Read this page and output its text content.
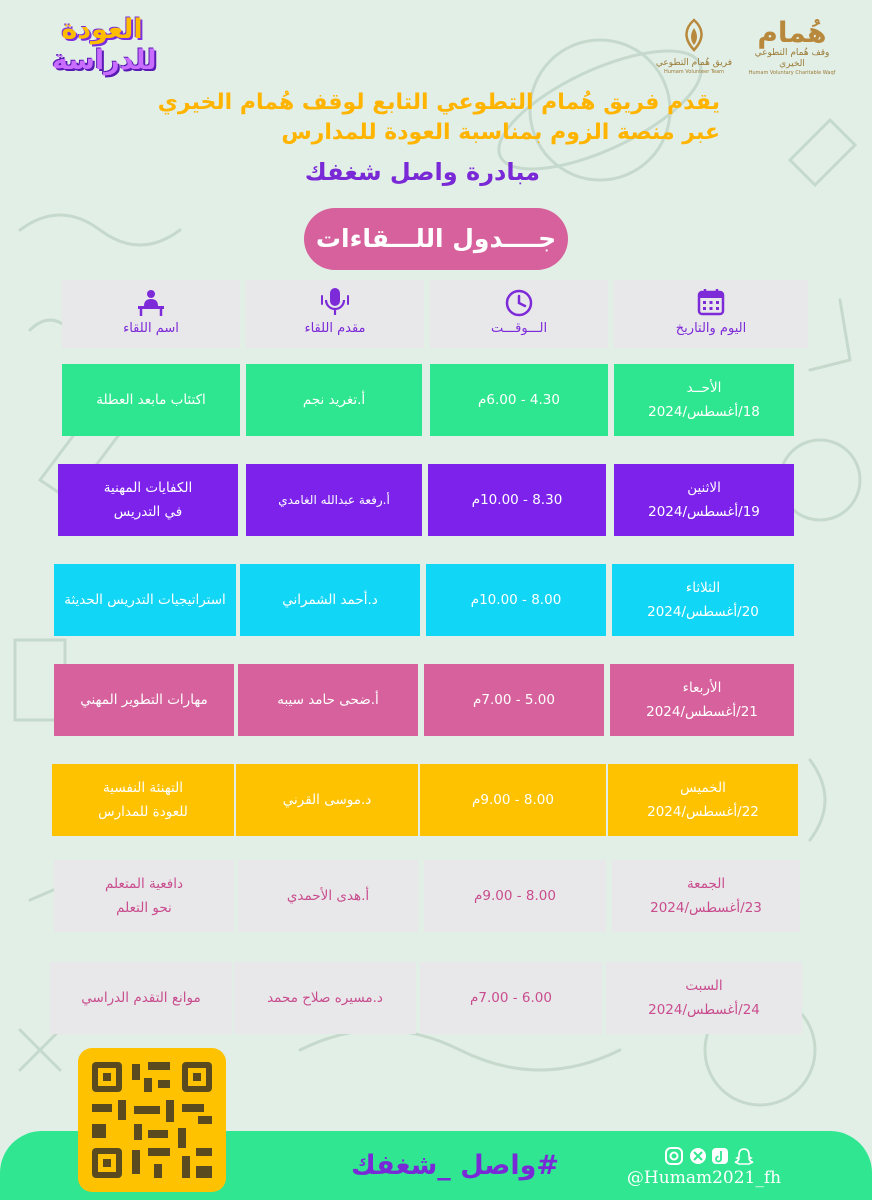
العودة
للدراسة	فريق هُمام التطوعي
Humam Volunteer Team
هُمام
وقف هُمام التطوعي الخيري
Humam Voluntary Charitable Waqf
يقدم فريق هُمام التطوعي التابع لوقف هُمام الخيري
عبر منصة الزوم بمناسبة العودة للمدارس
مبادرة واصل شغفك
جــــدول اللـــقاءات
اليوم والتاريخ
الـــوقـــت
مقدم اللقاء
اسم اللقاء
الأحــد
18/أغسطس/2024
4.30 - 6.00م
أ.تغريد نجم
اكتئاب مابعد العطلة
الاثنين
19/أغسطس/2024
8.30 - 10.00م
أ.رفعة عبدالله الغامدي
الكفايات المهنية
في التدريس
الثلاثاء
20/أغسطس/2024
8.00 - 10.00م
د.أحمد الشمراني
استراتيجيات التدريس الحديثة
الأربعاء
21/أغسطس/2024
5.00 - 7.00م
أ.ضحى حامد سيبه
مهارات التطوير المهني
الخميس
22/أغسطس/2024
8.00 - 9.00م
د.موسى القرني
التهنئة النفسية
للعودة للمدارس
الجمعة
23/أغسطس/2024
8.00 - 9.00م
أ.هدى الأحمدي
دافعية المتعلم
نحو التعلم
السبت
24/أغسطس/2024
6.00 - 7.00م
د.مسيره صلاح محمد
موانع التقدم الدراسي
#واصل _شغفك	@Humam2021_fh
